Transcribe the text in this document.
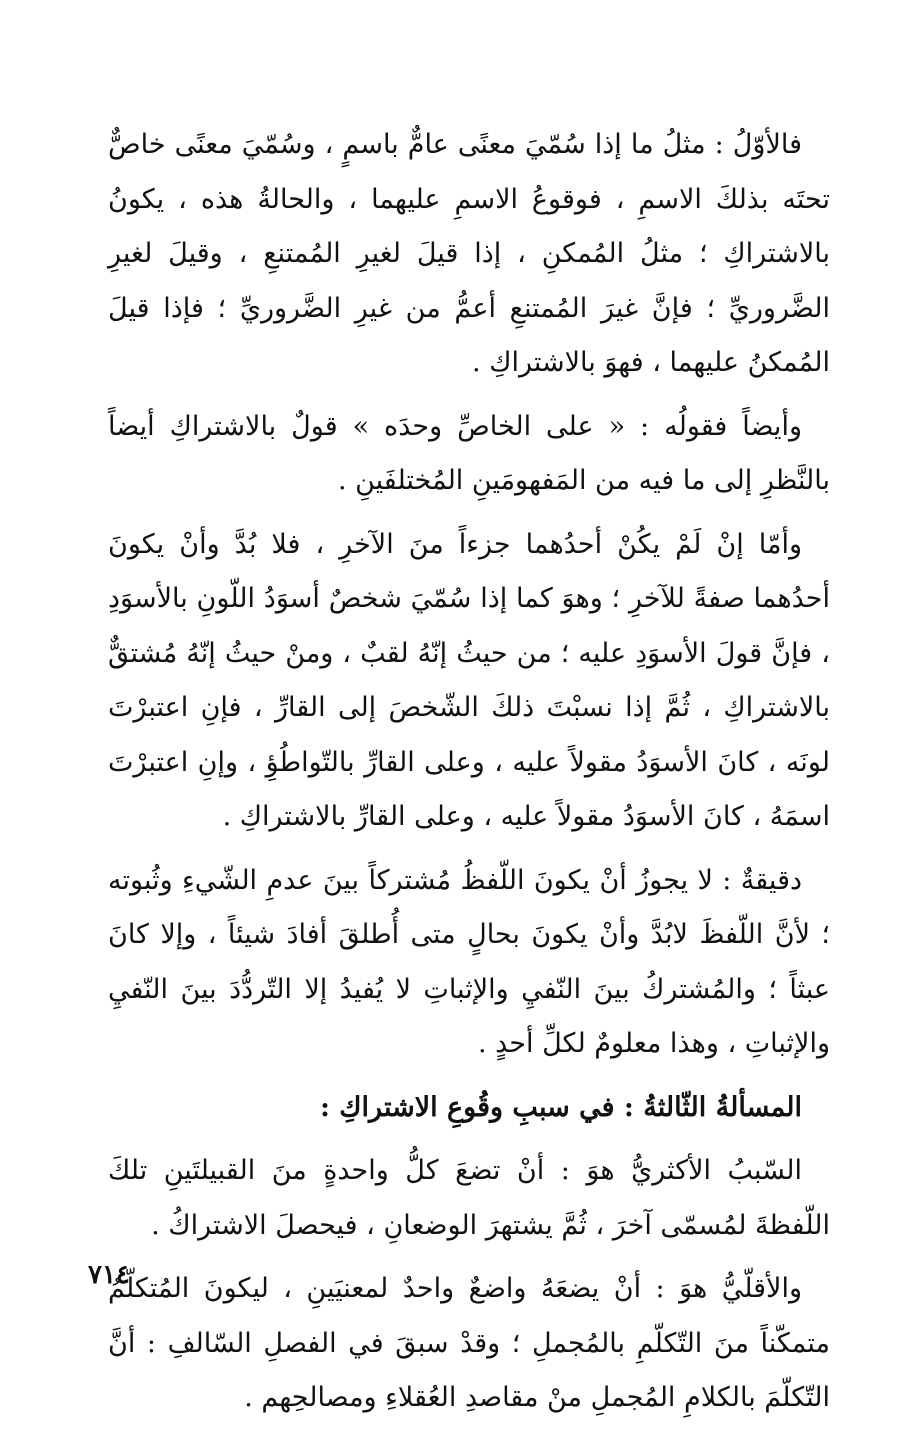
فالأوّلُ : مثلُ ما إذا سُمّيَ معنًى عامٌّ باسمٍ ، وسُمّيَ معنًى خاصٌّ تحتَه بذلكَ الاسمِ ، فوقوعُ الاسمِ عليهما ، والحالةُ هذه ، يكونُ بالاشتراكِ ؛ مثلُ المُمكنِ ، إذا قيلَ لغيرِ المُمتنعِ ، وقيلَ لغيرِ الضَّروريِّ ؛ فإنَّ غيرَ المُمتنعِ أعمُّ من غيرِ الضَّروريِّ ؛ فإذا قيلَ المُمكنُ عليهما ، فهوَ بالاشتراكِ .

وأيضاً فقولُه : « على الخاصِّ وحدَه » قولٌ بالاشتراكِ أيضاً بالنَّظرِ إلى ما فيه من المَفهومَينِ المُختلفَينِ .

وأمّا إنْ لَمْ يكُنْ أحدُهما جزءاً منَ الآخرِ ، فلا بُدَّ وأنْ يكونَ أحدُهما صفةً للآخرِ ؛ وهوَ كما إذا سُمّيَ شخصٌ أسوَدُ اللّونِ بالأسوَدِ ، فإنَّ قولَ الأسوَدِ عليه ؛ من حيثُ إنّهُ لقبٌ ، ومنْ حيثُ إنّهُ مُشتقٌّ بالاشتراكِ ، ثُمَّ إذا نسبْتَ ذلكَ الشّخصَ إلى القارِّ ، فإنِ اعتبرْتَ لونَه ، كانَ الأسوَدُ مقولاً عليه ، وعلى القارِّ بالتّواطُؤِ ، وإنِ اعتبرْتَ اسمَهُ ، كانَ الأسوَدُ مقولاً عليه ، وعلى القارِّ بالاشتراكِ .

دقيقةٌ : لا يجوزُ أنْ يكونَ اللّفظُ مُشتركاً بينَ عدمِ الشّيءِ وثُبوته ؛ لأنَّ اللّفظَ لابُدَّ وأنْ يكونَ بحالٍ متى أُطلقَ أفادَ شيئاً ، وإلا كانَ عبثاً ؛ والمُشتركُ بينَ النّفيِ والإثباتِ لا يُفيدُ إلا التّردُّدَ بينَ النّفيِ والإثباتِ ، وهذا معلومٌ لكلِّ أحدٍ .

المسألةُ الثّالثةُ : في سببِ وقُوعِ الاشتراكِ :

السّببُ الأكثريُّ هوَ : أنْ تضعَ كلُّ واحدةٍ منَ القبيلتَينِ تلكَ اللّفظةَ لمُسمّى آخرَ ، ثُمَّ يشتهرَ الوضعانِ ، فيحصلَ الاشتراكُ .

والأقلّيُّ هوَ : أنْ يضعَهُ واضعٌ واحدٌ لمعنيَينِ ، ليكونَ المُتكلّمُ متمكّناً منَ التّكلّمِ بالمُجملِ ؛ وقدْ سبقَ في الفصلِ السّالفِ : أنَّ التّكلّمَ بالكلامِ المُجملِ منْ مقاصدِ العُقلاءِ ومصالحِهم .

٧١٤
